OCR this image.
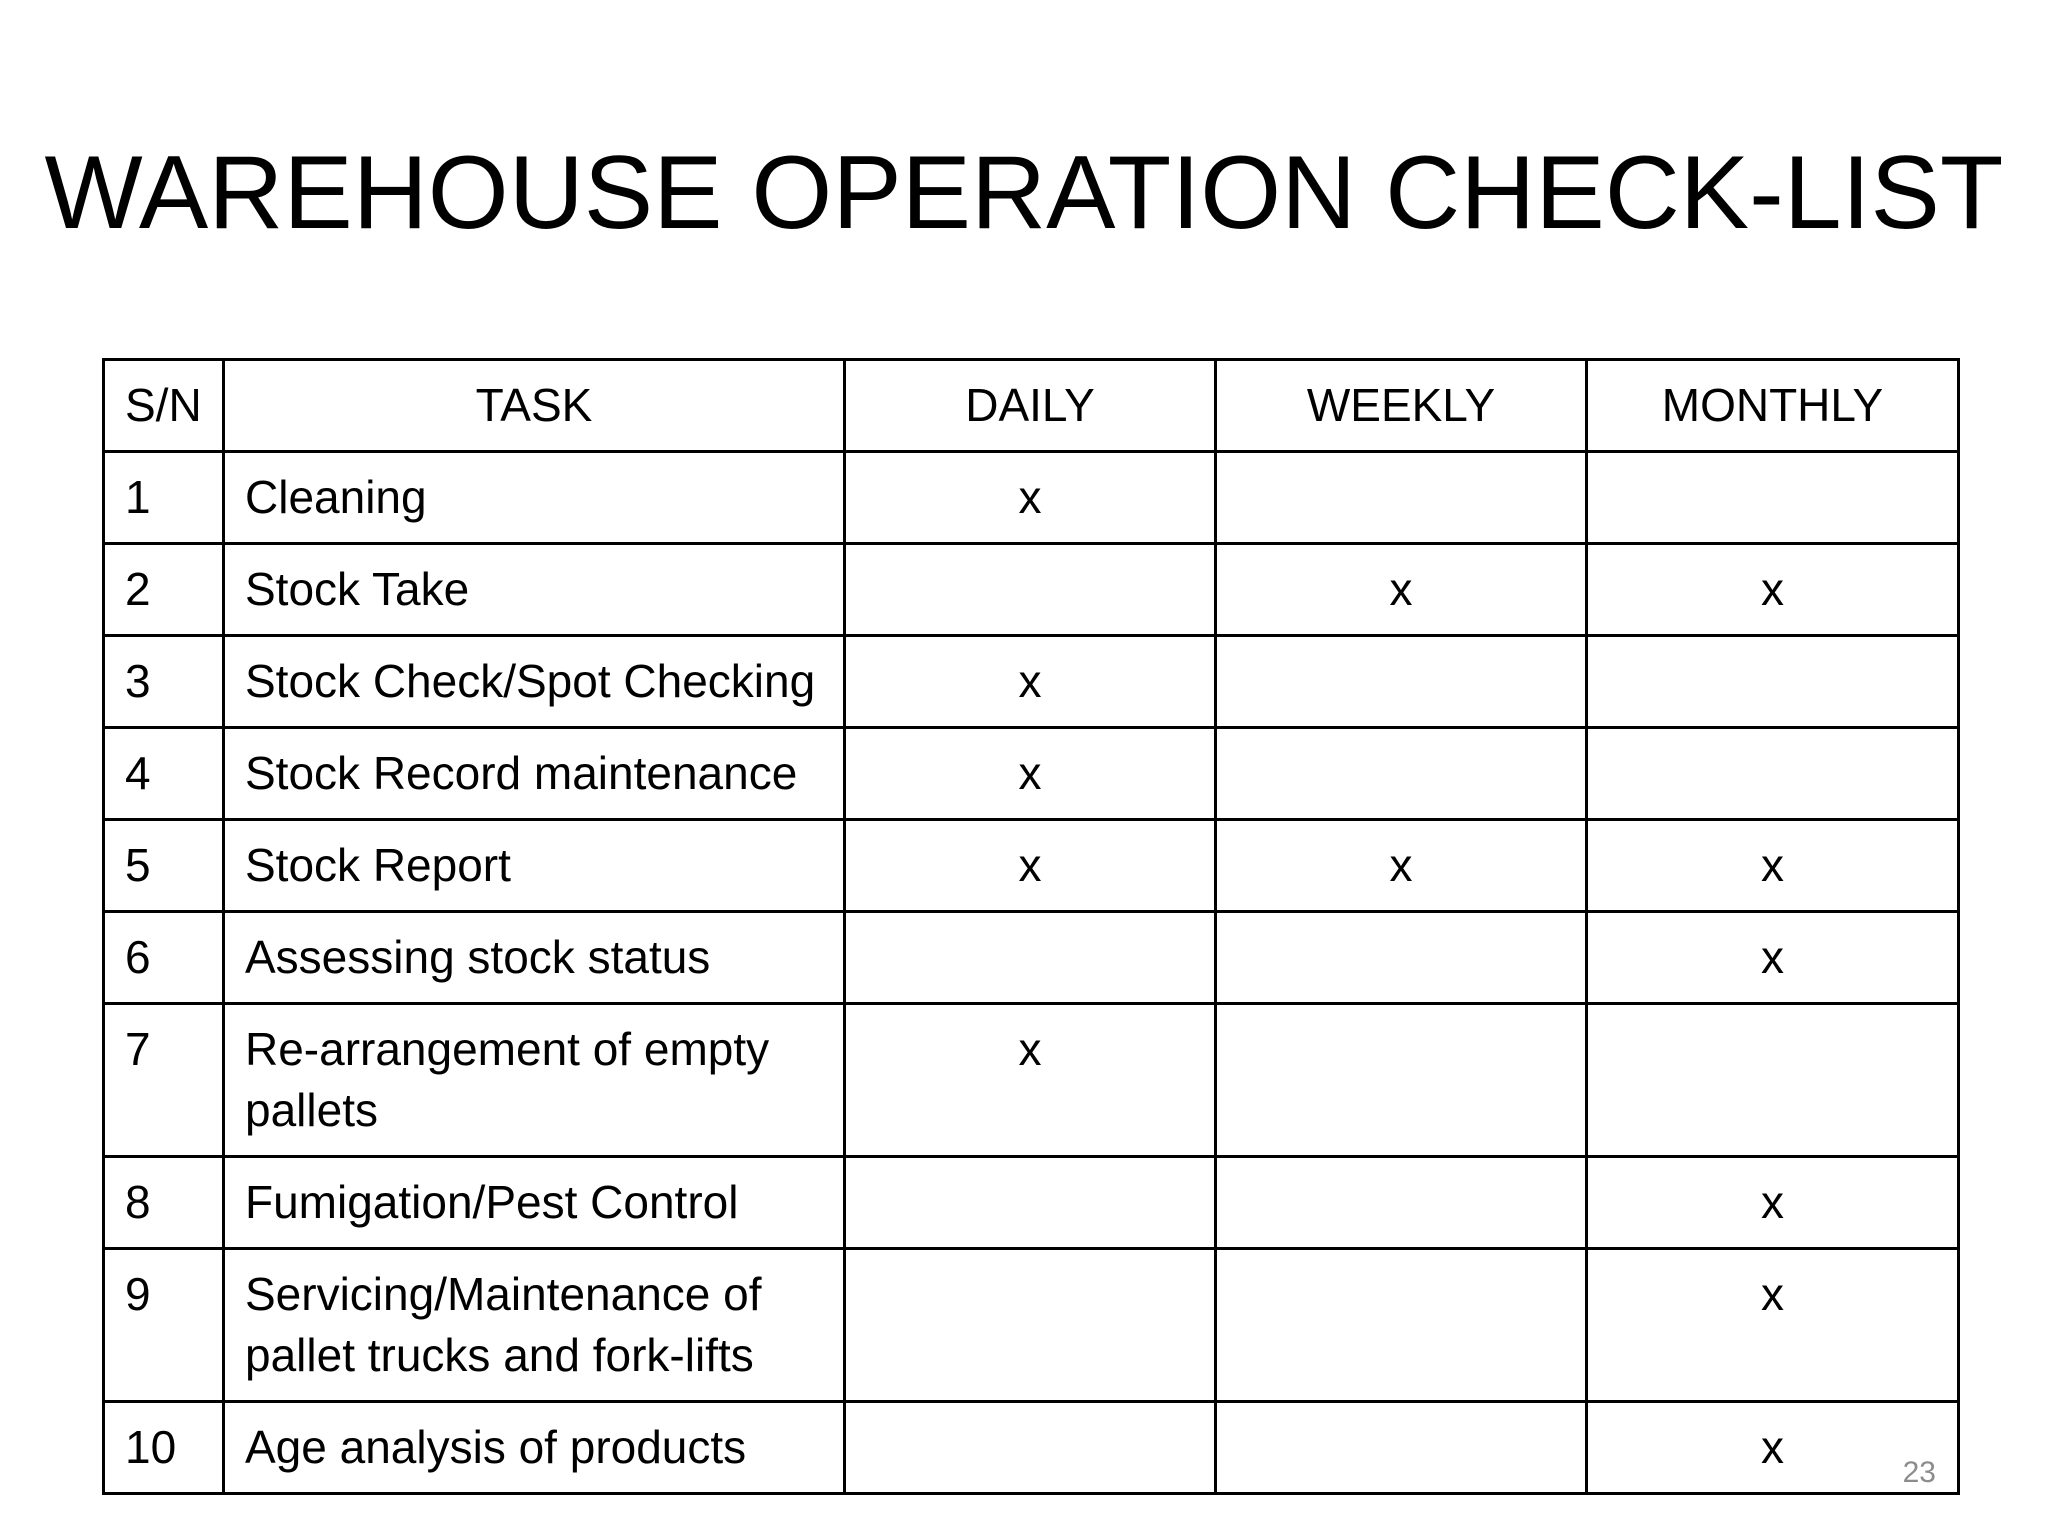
WAREHOUSE OPERATION CHECK-LIST
S/N	TASK	DAILY	WEEKLY	MONTHLY
1	Cleaning	x		
2	Stock Take		x	x
3	Stock Check/Spot Checking	x		
4	Stock Record maintenance	x		
5	Stock Report	x	x	x
6	Assessing stock status			x
7	Re-arrangement of empty pallets	x		
8	Fumigation/Pest Control			x
9	Servicing/Maintenance of pallet trucks and fork-lifts			x
10	Age analysis of products			x	23
